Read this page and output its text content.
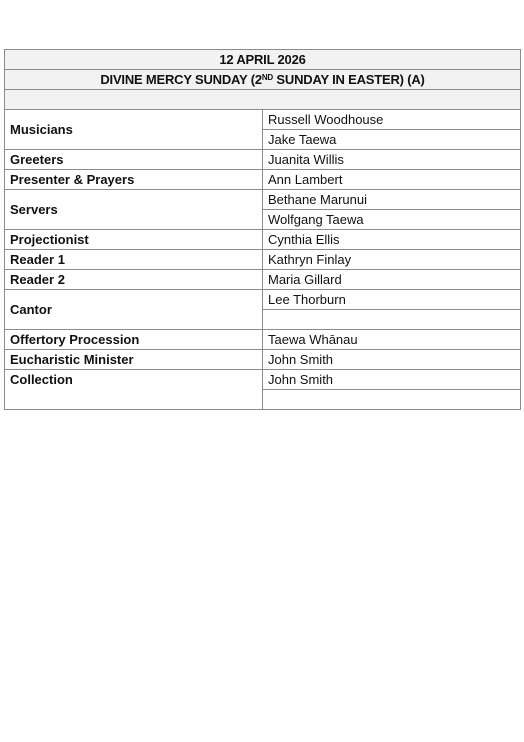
12 APRIL 2026	
DIVINE MERCY SUNDAY (2ND SUNDAY IN EASTER) (A)	

Musicians	Russell Woodhouse
	Jake Taewa
Greeters	Juanita Willis
Presenter & Prayers	Ann Lambert
Servers	Bethane Marunui
	Wolfgang Taewa
Projectionist	Cynthia Ellis
Reader 1	Kathryn Finlay
Reader 2	Maria Gillard
Cantor	Lee Thorburn

Offertory Procession	Taewa Whānau
Eucharistic Minister	John Smith
Collection	John Smith
